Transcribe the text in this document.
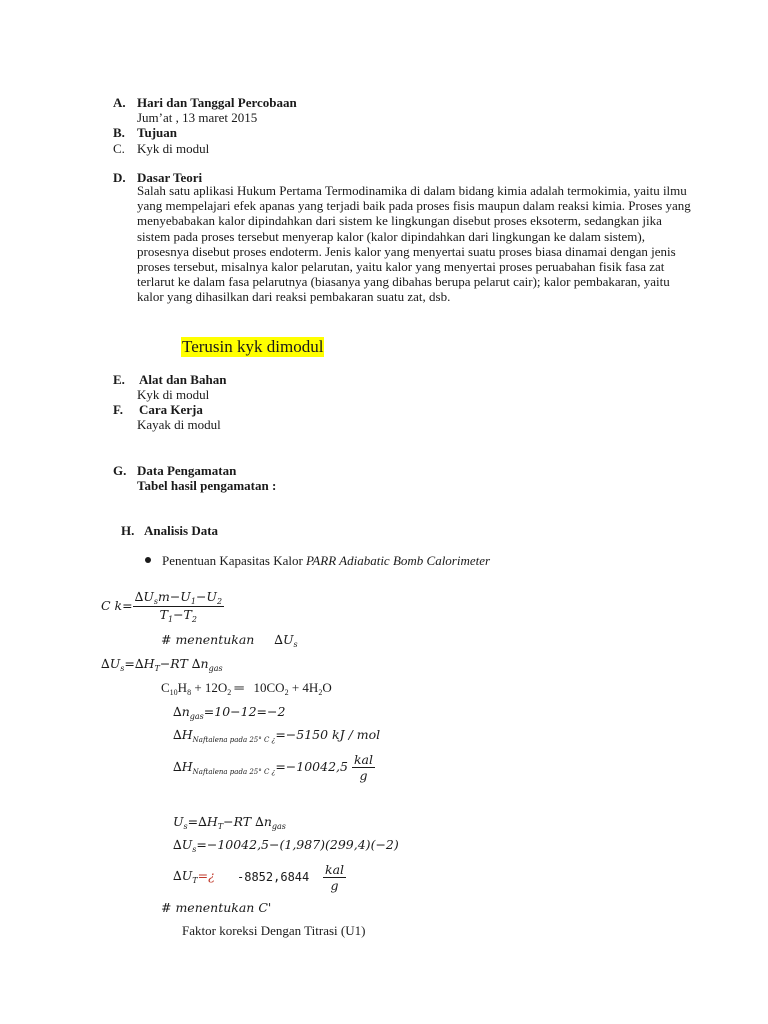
A. Hari dan Tanggal Percobaan
Jum’at , 13 maret 2015
B. Tujuan
C. Kyk di modul
D. Dasar Teori
Salah satu aplikasi Hukum Pertama Termodinamika di dalam bidang kimia adalah termokimia, yaitu ilmu yang mempelajari efek apanas yang terjadi baik pada proses fisis maupun dalam reaksi kimia. Proses yang menyebabakan kalor dipindahkan dari sistem ke lingkungan disebut proses eksoterm, sedangkan jika sistem pada proses tersebut menyerap kalor (kalor dipindahkan dari lingkungan ke dalam sistem), prosesnya disebut proses endoterm. Jenis kalor yang menyertai suatu proses biasa dinamai dengan jenis proses tersebut, misalnya kalor pelarutan, yaitu kalor yang menyertai proses peruabahan fisik fasa zat terlarut ke dalam fasa pelarutnya (biasanya yang dibahas berupa pelarut cair); kalor pembakaran, yaitu kalor yang dihasilkan dari reaksi pembakaran suatu zat, dsb.
Terusin kyk dimodul
E. Alat dan Bahan
Kyk di modul
F. Cara Kerja
Kayak di modul
G. Data Pengamatan
Tabel hasil pengamatan :
H. Analisis Data
Penentuan Kapasitas Kalor PARR Adiabatic Bomb Calorimeter
C $k= \frac{\Delta U_sm-U_1-U_2}{T_1-T_2}$
# menentukan $\Delta U_s$
$\Delta U_s=\Delta H_T-RT$ $\Delta n_{gas}$
$C_{10}H_8 + 12O_2$ ═ $10CO_2 + 4H_2O$
$\Delta n_{gas}=10-12=-2$
$\Delta H_{Naftalena pada 25^\circ C ¿}=-5150$ kJ / mol
$\Delta H_{Naftalena pada 25^\circ C ¿}=-10042,5 \frac{\text{kal}}{g}$
$U_s=\Delta H_T-RT$ $\Delta n_{gas}$
$\Delta U_s=-10042,5-(1,987)(299,4)(-2)$
$\Delta U_T=¿$ $-8852,6844 \frac{\text{kal}}{g}$
# menentukan C'
Faktor koreksi Dengan Titrasi (U1)
